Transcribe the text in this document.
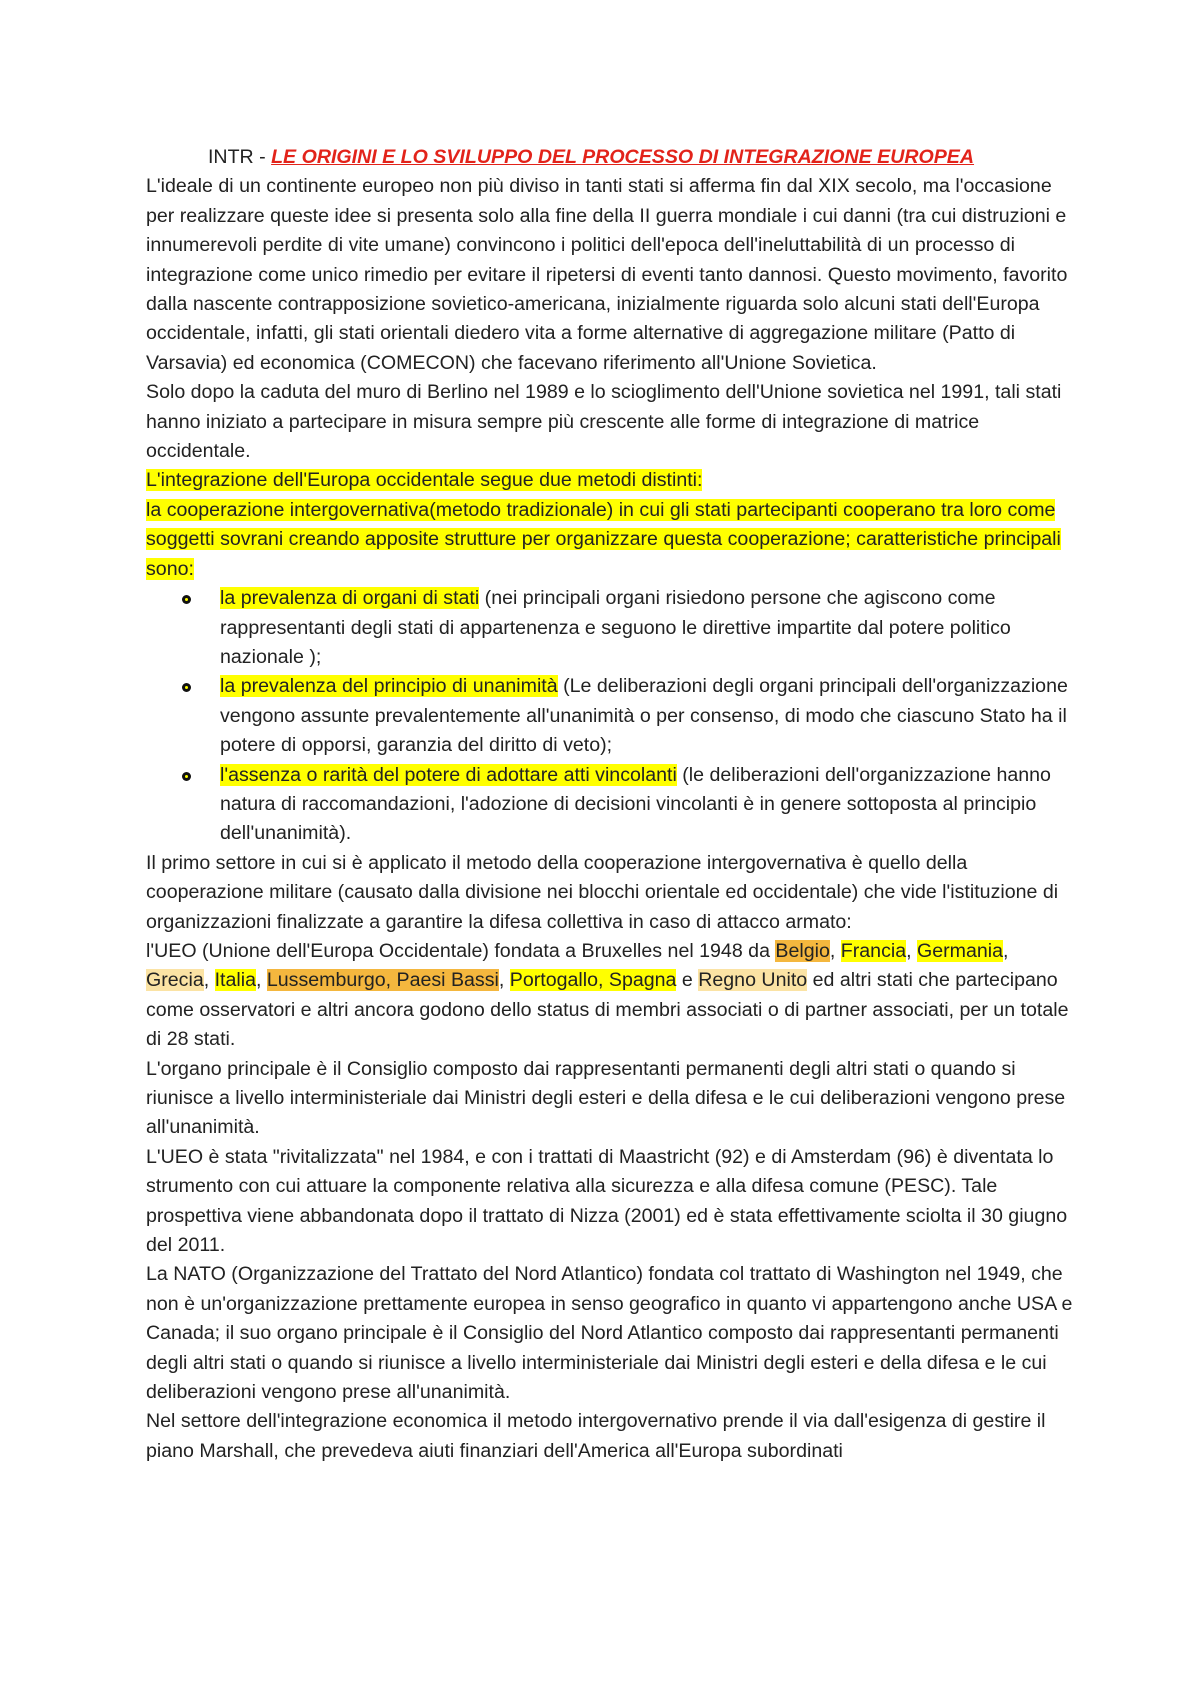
INTR - LE ORIGINI E LO SVILUPPO DEL PROCESSO DI INTEGRAZIONE EUROPEA

L'ideale di un continente europeo non più diviso in tanti stati si afferma fin dal XIX secolo, ma l'occasione per realizzare queste idee si presenta solo alla fine della II guerra mondiale i cui danni (tra cui distruzioni e innumerevoli perdite di vite umane) convincono i politici dell'epoca dell'ineluttabilità di un processo di integrazione come unico rimedio per evitare il ripetersi di eventi tanto dannosi. Questo movimento, favorito dalla nascente contrapposizione sovietico-americana, inizialmente riguarda solo alcuni stati dell'Europa occidentale, infatti, gli stati orientali diedero vita a forme alternative di aggregazione militare (Patto di Varsavia) ed economica (COMECON) che facevano riferimento all'Unione Sovietica.

Solo dopo la caduta del muro di Berlino nel 1989 e lo scioglimento dell'Unione sovietica nel 1991, tali stati hanno iniziato a partecipare in misura sempre più crescente alle forme di integrazione di matrice occidentale.

L'integrazione dell'Europa occidentale segue due metodi distinti:

la cooperazione intergovernativa(metodo tradizionale) in cui gli stati partecipanti cooperano tra loro come soggetti sovrani creando apposite strutture per organizzare questa cooperazione; caratteristiche principali sono:

la prevalenza di organi di stati (nei principali organi risiedono persone che agiscono come rappresentanti degli stati di appartenenza e seguono le direttive impartite dal potere politico nazionale );
la prevalenza del principio di unanimità (Le deliberazioni degli organi principali dell'organizzazione vengono assunte prevalentemente all'unanimità o per consenso, di modo che ciascuno Stato ha il potere di opporsi, garanzia del diritto di veto);
l'assenza o rarità del potere di adottare atti vincolanti (le deliberazioni dell'organizzazione hanno natura di raccomandazioni, l'adozione di decisioni vincolanti è in genere sottoposta al principio dell'unanimità).

Il primo settore in cui si è applicato il metodo della cooperazione intergovernativa è quello della cooperazione militare (causato dalla divisione nei blocchi orientale ed occidentale) che vide l'istituzione di organizzazioni finalizzate a garantire la difesa collettiva in caso di attacco armato:

l'UEO (Unione dell'Europa Occidentale) fondata a Bruxelles nel 1948 da Belgio, Francia, Germania, Grecia, Italia, Lussemburgo, Paesi Bassi, Portogallo, Spagna e Regno Unito ed altri stati che partecipano come osservatori e altri ancora godono dello status di membri associati o di partner associati, per un totale di 28 stati.

L'organo principale è il Consiglio composto dai rappresentanti permanenti degli altri stati o quando si riunisce a livello interministeriale dai Ministri degli esteri e della difesa e le cui deliberazioni vengono prese all'unanimità.

L'UEO è stata "rivitalizzata" nel 1984, e con i trattati di Maastricht (92) e di Amsterdam (96) è diventata lo strumento con cui attuare la componente relativa alla sicurezza e alla difesa comune (PESC). Tale prospettiva viene abbandonata dopo il trattato di Nizza (2001) ed è stata effettivamente sciolta il 30 giugno del 2011.

La NATO (Organizzazione del Trattato del Nord Atlantico) fondata col trattato di Washington nel 1949, che non è un'organizzazione prettamente europea in senso geografico in quanto vi appartengono anche USA e Canada; il suo organo principale è il Consiglio del Nord Atlantico composto dai rappresentanti permanenti degli altri stati o quando si riunisce a livello interministeriale dai Ministri degli esteri e della difesa e le cui deliberazioni vengono prese all'unanimità.

Nel settore dell'integrazione economica il metodo intergovernativo prende il via dall'esigenza di gestire il piano Marshall, che prevedeva aiuti finanziari dell'America all'Europa subordinati
